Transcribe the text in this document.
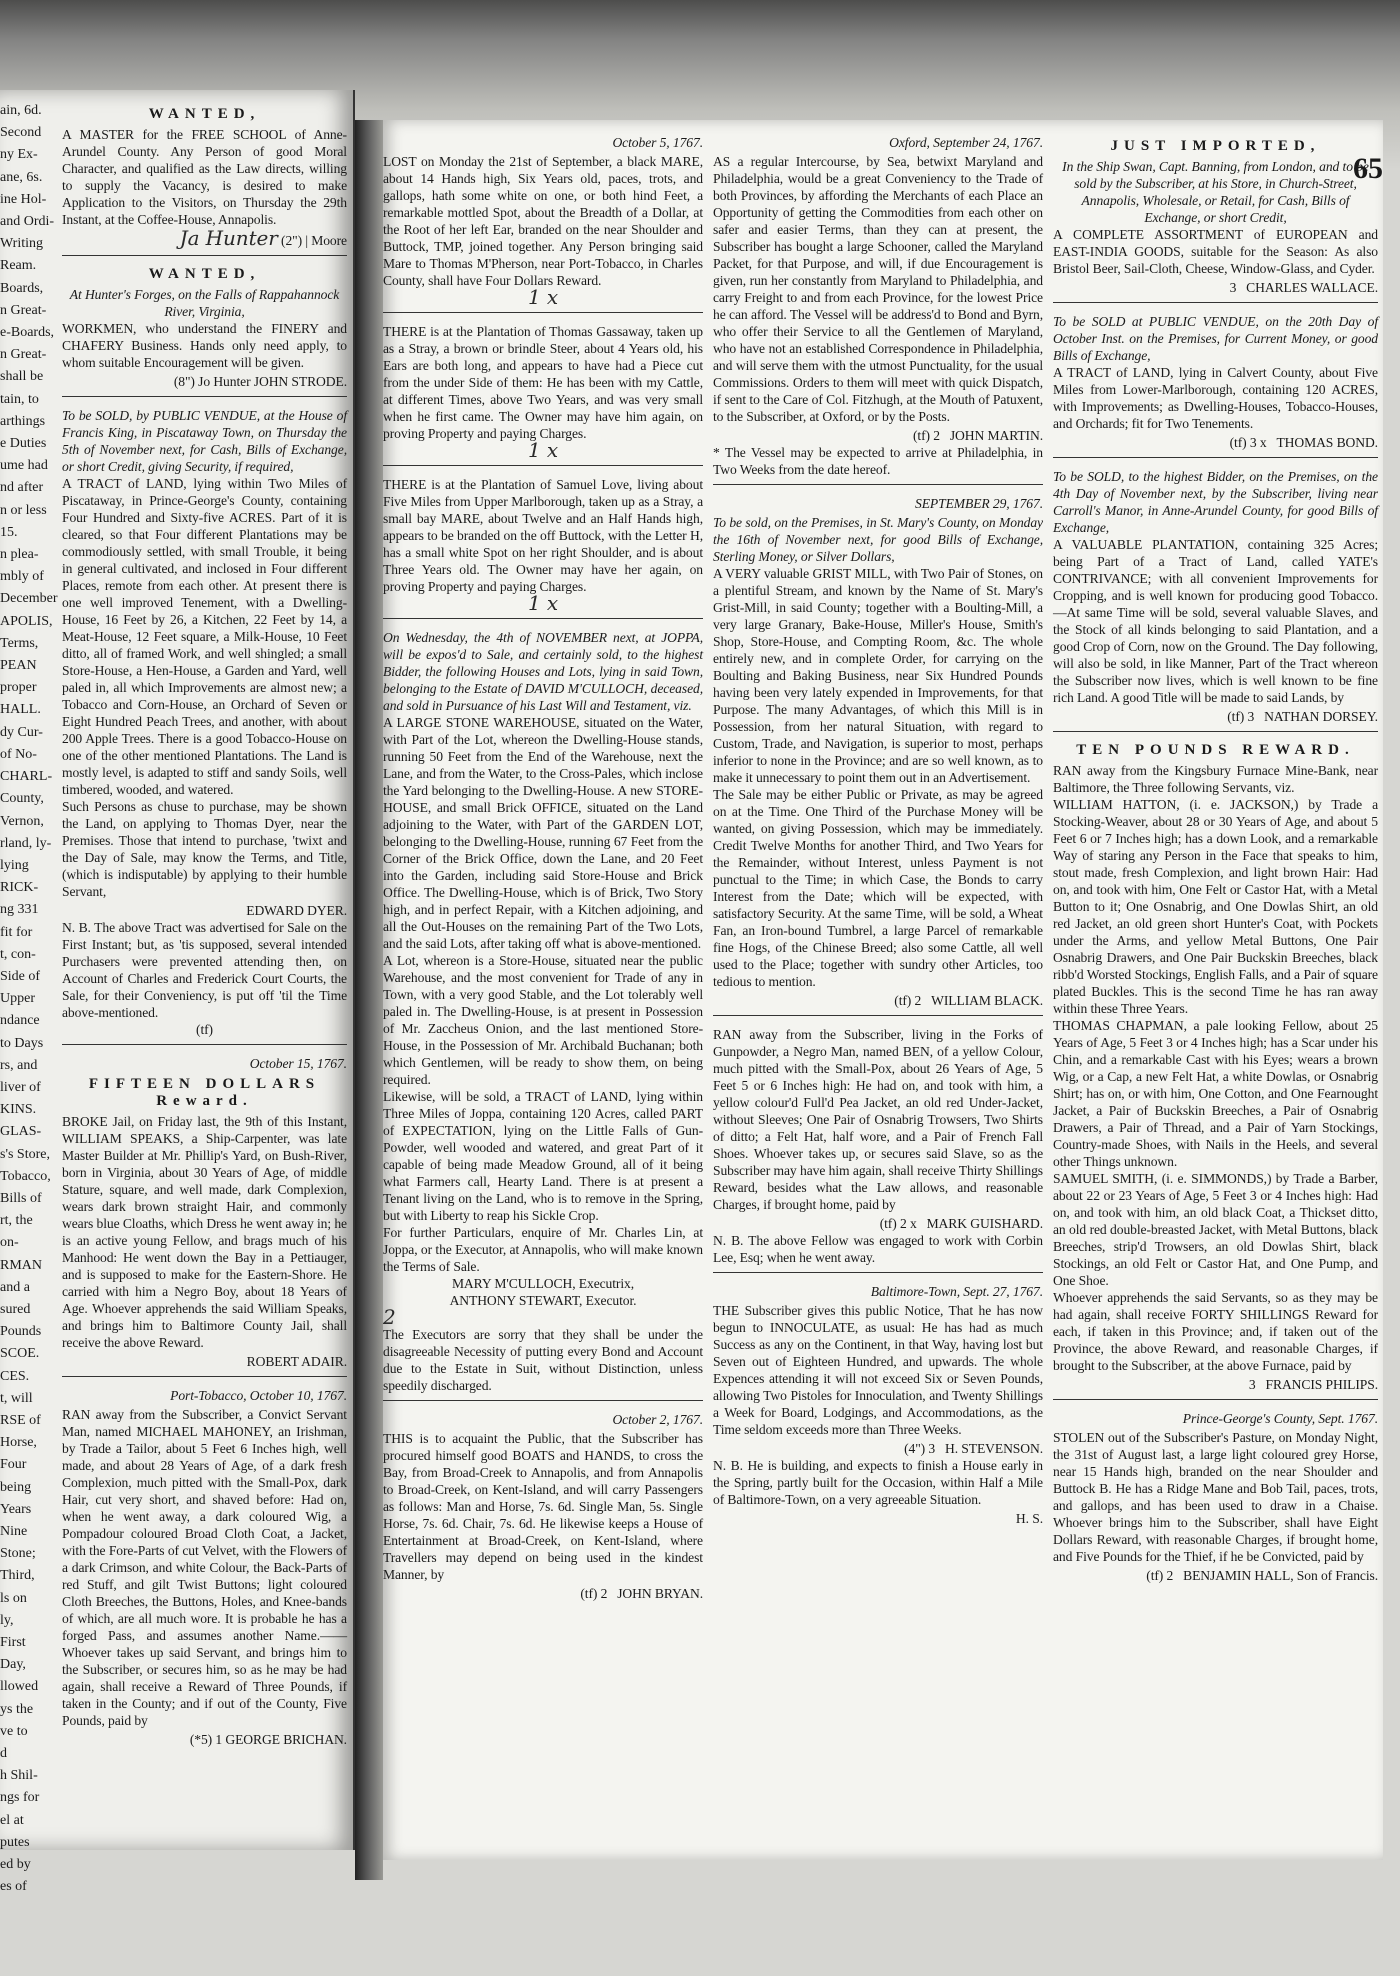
ain, 6d.
Second
ny Ex-
ane, 6s.
ine Hol-
and Ordi-
Writing
Ream.
Boards,
n Great-
e-Boards,
n Great-
shall be
tain, to
arthings
e Duties
ume had
nd after
n or less
15.
n plea-
mbly of
December
APOLIS,
Terms,
PEAN
proper
HALL.
dy Cur-
of No-
CHARL-
County,
Vernon,
rland, ly-
lying
RICK-
ng 331
fit for
t, con-
Side of
Upper
ndance
to Days
rs, and
liver of
KINS.
GLAS-
s's Store,
Tobacco,
Bills of
rt, the
on-
RMAN
and a
sured
Pounds
SCOE.
CES.
t, will
RSE of
Horse,
Four
being
Years
Nine
Stone;
Third,
ls on
ly,
First
Day,
llowed
ys the
ve to
d
h Shil-
ngs for
el at
putes
ed by
es of
WANTED,

A MASTER for the FREE SCHOOL of Anne-Arundel County. Any Person of good Moral Character, and qualified as the Law directs, willing to supply the Vacancy, is desired to make Application to the Visitors, on Thursday the 29th Instant, at the Coffee-House, Annapolis.

Ja Hunter (2") | Moore
WANTED,

At Hunter's Forges, on the Falls of Rappahannock River, Virginia,

WORKMEN, who understand the FINERY and CHAFERY Business. Hands only need apply, to whom suitable Encouragement will be given.

(8") Jo Hunter JOHN STRODE.

To be SOLD, by PUBLIC VENDUE, at the House of Francis King, in Piscataway Town, on Thursday the 5th of November next, for Cash, Bills of Exchange, or short Credit, giving Security, if required,

A TRACT of LAND, lying within Two Miles of Piscataway, in Prince-George's County, containing Four Hundred and Sixty-five ACRES. Part of it is cleared, so that Four different Plantations may be commodiously settled, with small Trouble, it being in general cultivated, and inclosed in Four different Places, remote from each other. At present there is one well improved Tenement, with a Dwelling-House, 16 Feet by 26, a Kitchen, 22 Feet by 14, a Meat-House, 12 Feet square, a Milk-House, 10 Feet ditto, all of framed Work, and well shingled; a small Store-House, a Hen-House, a Garden and Yard, well paled in, all which Improvements are almost new; a Tobacco and Corn-House, an Orchard of Seven or Eight Hundred Peach Trees, and another, with about 200 Apple Trees. There is a good Tobacco-House on one of the other mentioned Plantations. The Land is mostly level, is adapted to stiff and sandy Soils, well timbered, wooded, and watered.

Such Persons as chuse to purchase, may be shown the Land, on applying to Thomas Dyer, near the Premises. Those that intend to purchase, 'twixt and the Day of Sale, may know the Terms, and Title, (which is indisputable) by applying to their humble Servant,

EDWARD DYER.

N. B. The above Tract was advertised for Sale on the First Instant; but, as 'tis supposed, several intended Purchasers were prevented attending then, on Account of Charles and Frederick Court Courts, the Sale, for their Conveniency, is put off 'til the Time above-mentioned.

(tf)
October 15, 1767.
FIFTEEN DOLLARS Reward.

BROKE Jail, on Friday last, the 9th of this Instant, WILLIAM SPEAKS, a Ship-Carpenter, was late Master Builder at Mr. Phillip's Yard, on Bush-River, born in Virginia, about 30 Years of Age, of middle Stature, square, and well made, dark Complexion, wears dark brown straight Hair, and commonly wears blue Cloaths, which Dress he went away in; he is an active young Fellow, and brags much of his Manhood: He went down the Bay in a Pettiauger, and is supposed to make for the Eastern-Shore. He carried with him a Negro Boy, about 18 Years of Age. Whoever apprehends the said William Speaks, and brings him to Baltimore County Jail, shall receive the above Reward.

ROBERT ADAIR.
Port-Tobacco, October 10, 1767.

RAN away from the Subscriber, a Convict Servant Man, named MICHAEL MAHONEY, an Irishman, by Trade a Tailor, about 5 Feet 6 Inches high, well made, and about 28 Years of Age, of a dark fresh Complexion, much pitted with the Small-Pox, dark Hair, cut very short, and shaved before: Had on, when he went away, a dark coloured Wig, a Pompadour coloured Broad Cloth Coat, a Jacket, with the Fore-Parts of cut Velvet, with the Flowers of a dark Crimson, and white Colour, the Back-Parts of red Stuff, and gilt Twist Buttons; light coloured Cloth Breeches, the Buttons, Holes, and Knee-bands of which, are all much wore. It is probable he has a forged Pass, and assumes another Name.——Whoever takes up said Servant, and brings him to the Subscriber, or secures him, so as he may be had again, shall receive a Reward of Three Pounds, if taken in the County; and if out of the County, Five Pounds, paid by

(*5) 1 GEORGE BRICHAN.
65
October 5, 1767.

LOST on Monday the 21st of September, a black MARE, about 14 Hands high, Six Years old, paces, trots, and gallops, hath some white on one, or both hind Feet, a remarkable mottled Spot, about the Breadth of a Dollar, at the Root of her left Ear, branded on the near Shoulder and Buttock, TMP, joined together. Any Person bringing said Mare to Thomas M'Pherson, near Port-Tobacco, in Charles County, shall have Four Dollars Reward.

1 x

THERE is at the Plantation of Thomas Gassaway, taken up as a Stray, a brown or brindle Steer, about 4 Years old, his Ears are both long, and appears to have had a Piece cut from the under Side of them: He has been with my Cattle, at different Times, above Two Years, and was very small when he first came. The Owner may have him again, on proving Property and paying Charges.

1 x

THERE is at the Plantation of Samuel Love, living about Five Miles from Upper Marlborough, taken up as a Stray, a small bay MARE, about Twelve and an Half Hands high, appears to be branded on the off Buttock, with the Letter H, has a small white Spot on her right Shoulder, and is about Three Years old. The Owner may have her again, on proving Property and paying Charges.

1 x

On Wednesday, the 4th of NOVEMBER next, at JOPPA, will be expos'd to Sale, and certainly sold, to the highest Bidder, the following Houses and Lots, lying in said Town, belonging to the Estate of DAVID M'CULLOCH, deceased, and sold in Pursuance of his Last Will and Testament, viz.

A LARGE STONE WAREHOUSE, situated on the Water, with Part of the Lot, whereon the Dwelling-House stands, running 50 Feet from the End of the Warehouse, next the Lane, and from the Water, to the Cross-Pales, which inclose the Yard belonging to the Dwelling-House. A new STORE-HOUSE, and small Brick OFFICE, situated on the Land adjoining to the Water, with Part of the GARDEN LOT, belonging to the Dwelling-House, running 67 Feet from the Corner of the Brick Office, down the Lane, and 20 Feet into the Garden, including said Store-House and Brick Office. The Dwelling-House, which is of Brick, Two Story high, and in perfect Repair, with a Kitchen adjoining, and all the Out-Houses on the remaining Part of the Two Lots, and the said Lots, after taking off what is above-mentioned.

A Lot, whereon is a Store-House, situated near the public Warehouse, and the most convenient for Trade of any in Town, with a very good Stable, and the Lot tolerably well paled in. The Dwelling-House, is at present in Possession of Mr. Zaccheus Onion, and the last mentioned Store-House, in the Possession of Mr. Archibald Buchanan; both which Gentlemen, will be ready to show them, on being required.

Likewise, will be sold, a TRACT of LAND, lying within Three Miles of Joppa, containing 120 Acres, called PART of EXPECTATION, lying on the Little Falls of Gun-Powder, well wooded and watered, and great Part of it capable of being made Meadow Ground, all of it being what Farmers call, Hearty Land. There is at present a Tenant living on the Land, who is to remove in the Spring, but with Liberty to reap his Sickle Crop.

For further Particulars, enquire of Mr. Charles Lin, at Joppa, or the Executor, at Annapolis, who will make known the Terms of Sale.

MARY M'CULLOCH, Executrix,
ANTHONY STEWART, Executor.
2

The Executors are sorry that they shall be under the disagreeable Necessity of putting every Bond and Account due to the Estate in Suit, without Distinction, unless speedily discharged.

October 2, 1767.

THIS is to acquaint the Public, that the Subscriber has procured himself good BOATS and HANDS, to cross the Bay, from Broad-Creek to Annapolis, and from Annapolis to Broad-Creek, on Kent-Island, and will carry Passengers as follows: Man and Horse, 7s. 6d. Single Man, 5s. Single Horse, 7s. 6d. Chair, 7s. 6d. He likewise keeps a House of Entertainment at Broad-Creek, on Kent-Island, where Travellers may depend on being used in the kindest Manner, by

(tf) 2 JOHN BRYAN.
Oxford, September 24, 1767.

AS a regular Intercourse, by Sea, betwixt Maryland and Philadelphia, would be a great Conveniency to the Trade of both Provinces, by affording the Merchants of each Place an Opportunity of getting the Commodities from each other on safer and easier Terms, than they can at present, the Subscriber has bought a large Schooner, called the Maryland Packet, for that Purpose, and will, if due Encouragement is given, run her constantly from Maryland to Philadelphia, and carry Freight to and from each Province, for the lowest Price he can afford. The Vessel will be address'd to Bond and Byrn, who offer their Service to all the Gentlemen of Maryland, who have not an established Correspondence in Philadelphia, and will serve them with the utmost Punctuality, for the usual Commissions. Orders to them will meet with quick Dispatch, if sent to the Care of Col. Fitzhugh, at the Mouth of Patuxent, to the Subscriber, at Oxford, or by the Posts.

(tf) 2 JOHN MARTIN.

* The Vessel may be expected to arrive at Philadelphia, in Two Weeks from the date hereof.

SEPTEMBER 29, 1767.

To be sold, on the Premises, in St. Mary's County, on Monday the 16th of November next, for good Bills of Exchange, Sterling Money, or Silver Dollars,

A VERY valuable GRIST MILL, with Two Pair of Stones, on a plentiful Stream, and known by the Name of St. Mary's Grist-Mill, in said County; together with a Boulting-Mill, a very large Granary, Bake-House, Miller's House, Smith's Shop, Store-House, and Compting Room, &c. The whole entirely new, and in complete Order, for carrying on the Boulting and Baking Business, near Six Hundred Pounds having been very lately expended in Improvements, for that Purpose. The many Advantages, of which this Mill is in Possession, from her natural Situation, with regard to Custom, Trade, and Navigation, is superior to most, perhaps inferior to none in the Province; and are so well known, as to make it unnecessary to point them out in an Advertisement.

The Sale may be either Public or Private, as may be agreed on at the Time. One Third of the Purchase Money will be wanted, on giving Possession, which may be immediately. Credit Twelve Months for another Third, and Two Years for the Remainder, without Interest, unless Payment is not punctual to the Time; in which Case, the Bonds to carry Interest from the Date; which will be expected, with satisfactory Security. At the same Time, will be sold, a Wheat Fan, an Iron-bound Tumbrel, a large Parcel of remarkable fine Hogs, of the Chinese Breed; also some Cattle, all well used to the Place; together with sundry other Articles, too tedious to mention.

(tf) 2 WILLIAM BLACK.

RAN away from the Subscriber, living in the Forks of Gunpowder, a Negro Man, named BEN, of a yellow Colour, much pitted with the Small-Pox, about 26 Years of Age, 5 Feet 5 or 6 Inches high: He had on, and took with him, a yellow colour'd Full'd Pea Jacket, an old red Under-Jacket, without Sleeves; One Pair of Osnabrig Trowsers, Two Shirts of ditto; a Felt Hat, half wore, and a Pair of French Fall Shoes. Whoever takes up, or secures said Slave, so as the Subscriber may have him again, shall receive Thirty Shillings Reward, besides what the Law allows, and reasonable Charges, if brought home, paid by

(tf) 2 x MARK GUISHARD.

N. B. The above Fellow was engaged to work with Corbin Lee, Esq; when he went away.

Baltimore-Town, Sept. 27, 1767.

THE Subscriber gives this public Notice, That he has now begun to INNOCULATE, as usual: He has had as much Success as any on the Continent, in that Way, having lost but Seven out of Eighteen Hundred, and upwards. The whole Expences attending it will not exceed Six or Seven Pounds, allowing Two Pistoles for Innoculation, and Twenty Shillings a Week for Board, Lodgings, and Accommodations, as the Time seldom exceeds more than Three Weeks.

(4") 3 H. STEVENSON.

N. B. He is building, and expects to finish a House early in the Spring, partly built for the Occasion, within Half a Mile of Baltimore-Town, on a very agreeable Situation.

H. S.
JUST IMPORTED,

In the Ship Swan, Capt. Banning, from London, and to be sold by the Subscriber, at his Store, in Church-Street, Annapolis, Wholesale, or Retail, for Cash, Bills of Exchange, or short Credit,

A COMPLETE ASSORTMENT of EUROPEAN and EAST-INDIA GOODS, suitable for the Season: As also Bristol Beer, Sail-Cloth, Cheese, Window-Glass, and Cyder.

3 CHARLES WALLACE.

To be SOLD at PUBLIC VENDUE, on the 20th Day of October Inst. on the Premises, for Current Money, or good Bills of Exchange,

A TRACT of LAND, lying in Calvert County, about Five Miles from Lower-Marlborough, containing 120 ACRES, with Improvements; as Dwelling-Houses, Tobacco-Houses, and Orchards; fit for Two Tenements.

(tf) 3 x THOMAS BOND.

To be SOLD, to the highest Bidder, on the Premises, on the 4th Day of November next, by the Subscriber, living near Carroll's Manor, in Anne-Arundel County, for good Bills of Exchange,

A VALUABLE PLANTATION, containing 325 Acres; being Part of a Tract of Land, called YATE's CONTRIVANCE; with all convenient Improvements for Cropping, and is well known for producing good Tobacco.—At same Time will be sold, several valuable Slaves, and the Stock of all kinds belonging to said Plantation, and a good Crop of Corn, now on the Ground. The Day following, will also be sold, in like Manner, Part of the Tract whereon the Subscriber now lives, which is well known to be fine rich Land. A good Title will be made to said Lands, by

(tf) 3 NATHAN DORSEY.
TEN POUNDS REWARD.

RAN away from the Kingsbury Furnace Mine-Bank, near Baltimore, the Three following Servants, viz.

WILLIAM HATTON, (i. e. JACKSON,) by Trade a Stocking-Weaver, about 28 or 30 Years of Age, and about 5 Feet 6 or 7 Inches high; has a down Look, and a remarkable Way of staring any Person in the Face that speaks to him, stout made, fresh Complexion, and light brown Hair: Had on, and took with him, One Felt or Castor Hat, with a Metal Button to it; One Osnabrig, and One Dowlas Shirt, an old red Jacket, an old green short Hunter's Coat, with Pockets under the Arms, and yellow Metal Buttons, One Pair Osnabrig Drawers, and One Pair Buckskin Breeches, black ribb'd Worsted Stockings, English Falls, and a Pair of square plated Buckles. This is the second Time he has ran away within these Three Years.

THOMAS CHAPMAN, a pale looking Fellow, about 25 Years of Age, 5 Feet 3 or 4 Inches high; has a Scar under his Chin, and a remarkable Cast with his Eyes; wears a brown Wig, or a Cap, a new Felt Hat, a white Dowlas, or Osnabrig Shirt; has on, or with him, One Cotton, and One Fearnought Jacket, a Pair of Buckskin Breeches, a Pair of Osnabrig Drawers, a Pair of Thread, and a Pair of Yarn Stockings, Country-made Shoes, with Nails in the Heels, and several other Things unknown.

SAMUEL SMITH, (i. e. SIMMONDS,) by Trade a Barber, about 22 or 23 Years of Age, 5 Feet 3 or 4 Inches high: Had on, and took with him, an old black Coat, a Thickset ditto, an old red double-breasted Jacket, with Metal Buttons, black Breeches, strip'd Trowsers, an old Dowlas Shirt, black Stockings, an old Felt or Castor Hat, and One Pump, and One Shoe.

Whoever apprehends the said Servants, so as they may be had again, shall receive FORTY SHILLINGS Reward for each, if taken in this Province; and, if taken out of the Province, the above Reward, and reasonable Charges, if brought to the Subscriber, at the above Furnace, paid by

3 FRANCIS PHILIPS.
Prince-George's County, Sept. 1767.

STOLEN out of the Subscriber's Pasture, on Monday Night, the 31st of August last, a large light coloured grey Horse, near 15 Hands high, branded on the near Shoulder and Buttock B. He has a Ridge Mane and Bob Tail, paces, trots, and gallops, and has been used to draw in a Chaise. Whoever brings him to the Subscriber, shall have Eight Dollars Reward, with reasonable Charges, if brought home, and Five Pounds for the Thief, if he be Convicted, paid by

(tf) 2 BENJAMIN HALL, Son of Francis.
